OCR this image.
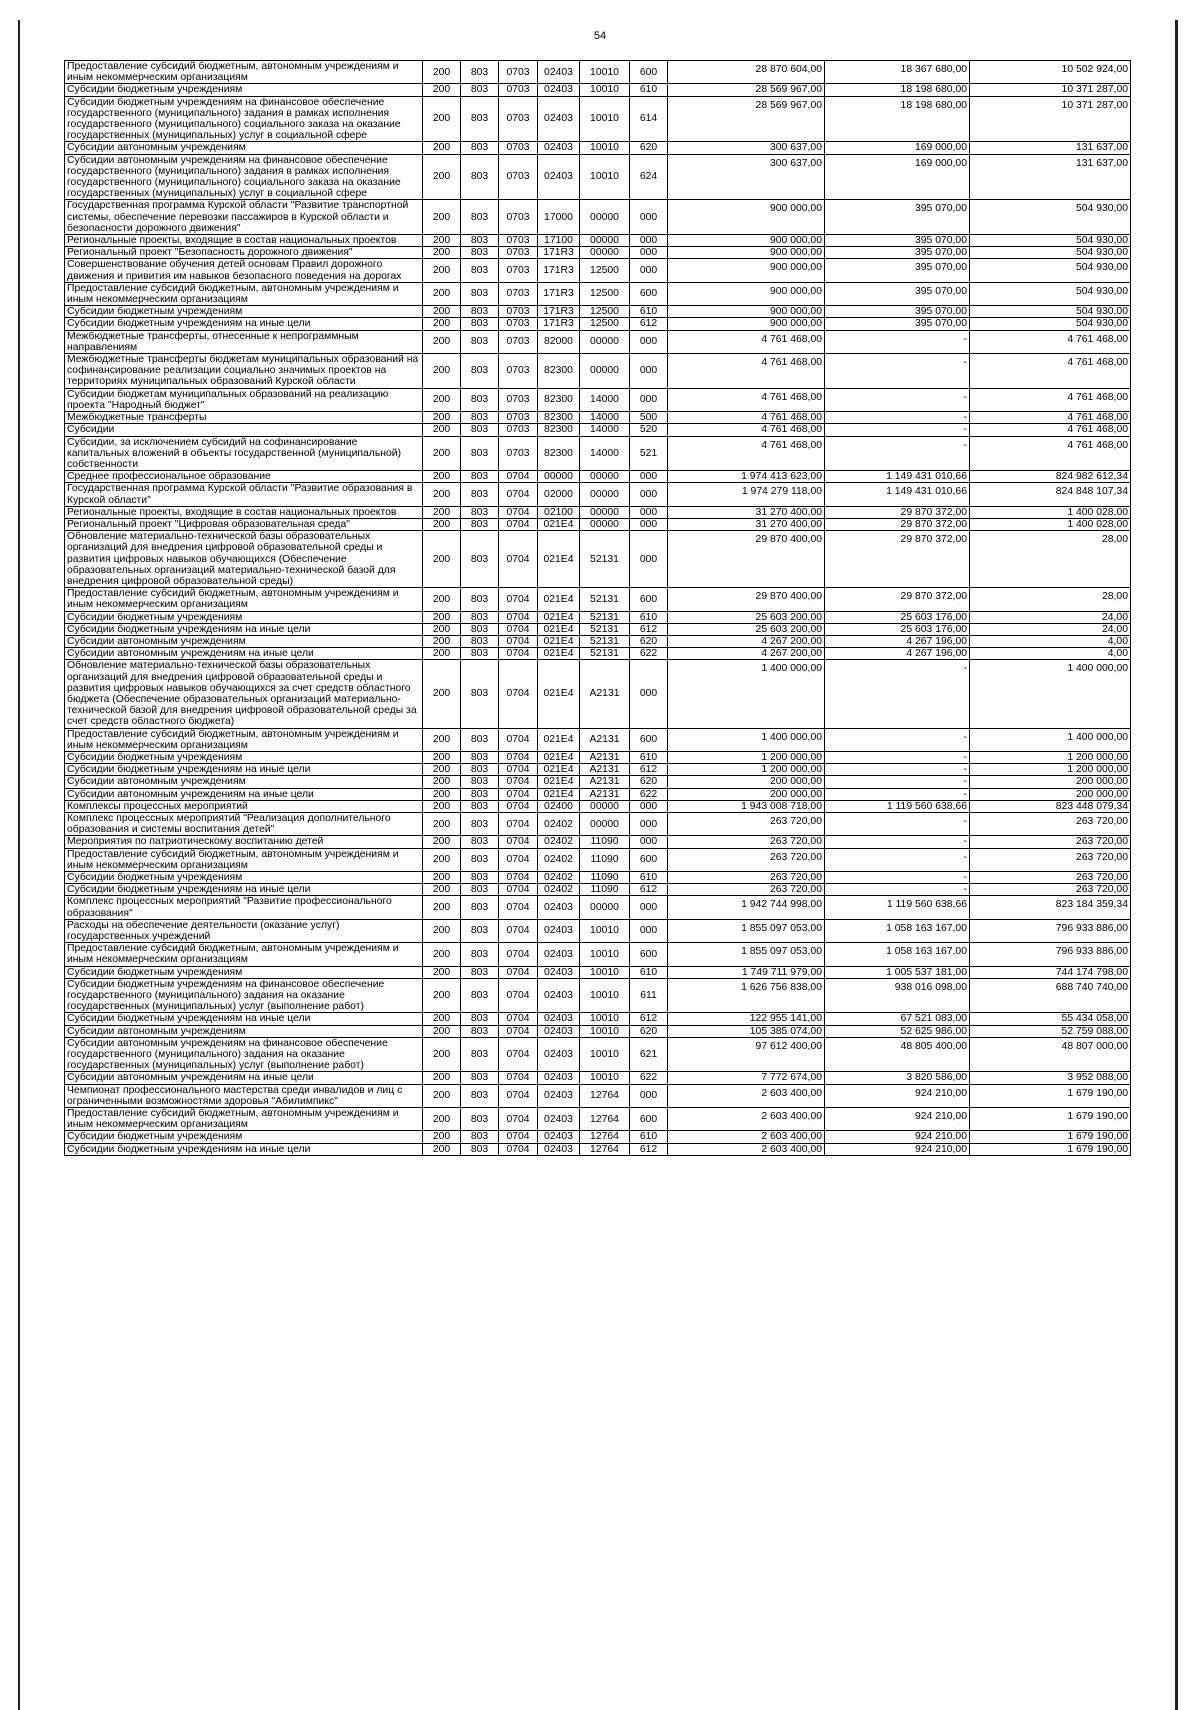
54
Предоставление субсидий бюджетным, автономным учреждениям и иным некоммерческим организациям	200	803	0703	02403	10010	600	28 870 604,00	18 367 680,00	10 502 924,00
Субсидии бюджетным учреждениям	200	803	0703	02403	10010	610	28 569 967,00	18 198 680,00	10 371 287,00
Субсидии бюджетным учреждениям на финансовое обеспечение государственного (муниципального) задания в рамках исполнения государственного (муниципального) социального заказа на оказание государственных (муниципальных) услуг в социальной сфере	200	803	0703	02403	10010	614	28 569 967,00	18 198 680,00	10 371 287,00
Субсидии автономным учреждениям	200	803	0703	02403	10010	620	300 637,00	169 000,00	131 637,00
Субсидии автономным учреждениям на финансовое обеспечение государственного (муниципального) задания в рамках исполнения государственного (муниципального) социального заказа на оказание государственных (муниципальных) услуг в социальной сфере	200	803	0703	02403	10010	624	300 637,00	169 000,00	131 637,00
Государственная программа Курской области "Развитие транспортной системы, обеспечение перевозки пассажиров в Курской области и безопасности дорожного движения"	200	803	0703	17000	00000	000	900 000,00	395 070,00	504 930,00
Региональные проекты, входящие в состав национальных проектов	200	803	0703	17100	00000	000	900 000,00	395 070,00	504 930,00
Региональный проект "Безопасность дорожного движения"	200	803	0703	171R3	00000	000	900 000,00	395 070,00	504 930,00
Совершенствование обучения детей основам Правил дорожного движения и привития им навыков безопасного поведения на дорогах	200	803	0703	171R3	12500	000	900 000,00	395 070,00	504 930,00
Предоставление субсидий бюджетным, автономным учреждениям и иным некоммерческим организациям	200	803	0703	171R3	12500	600	900 000,00	395 070,00	504 930,00
Субсидии бюджетным учреждениям	200	803	0703	171R3	12500	610	900 000,00	395 070,00	504 930,00
Субсидии бюджетным учреждениям на иные цели	200	803	0703	171R3	12500	612	900 000,00	395 070,00	504 930,00
Межбюджетные трансферты, отнесенные к непрограммным направлениям	200	803	0703	82000	00000	000	4 761 468,00	-	4 761 468,00
Межбюджетные трансферты бюджетам муниципальных образований на софинансирование реализации социально значимых проектов на территориях муниципальных образований Курской области	200	803	0703	82300	00000	000	4 761 468,00	-	4 761 468,00
Субсидии бюджетам муниципальных образований на реализацию проекта "Народный бюджет"	200	803	0703	82300	14000	000	4 761 468,00	-	4 761 468,00
Межбюджетные трансферты	200	803	0703	82300	14000	500	4 761 468,00	-	4 761 468,00
Субсидии	200	803	0703	82300	14000	520	4 761 468,00	-	4 761 468,00
Субсидии, за исключением субсидий на софинансирование капитальных вложений в объекты государственной (муниципальной) собственности	200	803	0703	82300	14000	521	4 761 468,00	-	4 761 468,00
Среднее профессиональное образование	200	803	0704	00000	00000	000	1 974 413 623,00	1 149 431 010,66	824 982 612,34
Государственная программа Курской области "Развитие образования в Курской области"	200	803	0704	02000	00000	000	1 974 279 118,00	1 149 431 010,66	824 848 107,34
Региональные проекты, входящие в состав национальных проектов	200	803	0704	02100	00000	000	31 270 400,00	29 870 372,00	1 400 028,00
Региональный проект "Цифровая образовательная среда"	200	803	0704	021E4	00000	000	31 270 400,00	29 870 372,00	1 400 028,00
Обновление материально-технической базы образовательных организаций для внедрения цифровой образовательной среды и развития цифровых навыков обучающихся (Обеспечение образовательных организаций материально-технической базой для внедрения цифровой образовательной среды)	200	803	0704	021E4	52131	000	29 870 400,00	29 870 372,00	28,00
Предоставление субсидий бюджетным, автономным учреждениям и иным некоммерческим организациям	200	803	0704	021E4	52131	600	29 870 400,00	29 870 372,00	28,00
Субсидии бюджетным учреждениям	200	803	0704	021E4	52131	610	25 603 200,00	25 603 176,00	24,00
Субсидии бюджетным учреждениям на иные цели	200	803	0704	021E4	52131	612	25 603 200,00	25 603 176,00	24,00
Субсидии автономным учреждениям	200	803	0704	021E4	52131	620	4 267 200,00	4 267 196,00	4,00
Субсидии автономным учреждениям на иные цели	200	803	0704	021E4	52131	622	4 267 200,00	4 267 196,00	4,00
Обновление материально-технической базы образовательных организаций для внедрения цифровой образовательной среды и развития цифровых навыков обучающихся за счет средств областного бюджета (Обеспечение образовательных организаций материально-технической базой для внедрения цифровой образовательной среды за счет средств областного бюджета)	200	803	0704	021E4	A2131	000	1 400 000,00	-	1 400 000,00
Предоставление субсидий бюджетным, автономным учреждениям и иным некоммерческим организациям	200	803	0704	021E4	A2131	600	1 400 000,00	-	1 400 000,00
Субсидии бюджетным учреждениям	200	803	0704	021E4	A2131	610	1 200 000,00	-	1 200 000,00
Субсидии бюджетным учреждениям на иные цели	200	803	0704	021E4	A2131	612	1 200 000,00	-	1 200 000,00
Субсидии автономным учреждениям	200	803	0704	021E4	A2131	620	200 000,00	-	200 000,00
Субсидии автономным учреждениям на иные цели	200	803	0704	021E4	A2131	622	200 000,00	-	200 000,00
Комплексы процессных мероприятий	200	803	0704	02400	00000	000	1 943 008 718,00	1 119 560 638,66	823 448 079,34
Комплекс процессных мероприятий "Реализация дополнительного образования и системы воспитания детей"	200	803	0704	02402	00000	000	263 720,00	-	263 720,00
Мероприятия по патриотическому воспитанию детей	200	803	0704	02402	11090	000	263 720,00	-	263 720,00
Предоставление субсидий бюджетным, автономным учреждениям и иным некоммерческим организациям	200	803	0704	02402	11090	600	263 720,00	-	263 720,00
Субсидии бюджетным учреждениям	200	803	0704	02402	11090	610	263 720,00	-	263 720,00
Субсидии бюджетным учреждениям на иные цели	200	803	0704	02402	11090	612	263 720,00	-	263 720,00
Комплекс процессных мероприятий "Развитие профессионального образования"	200	803	0704	02403	00000	000	1 942 744 998,00	1 119 560 638,66	823 184 359,34
Расходы на обеспечение деятельности (оказание услуг) государственных учреждений	200	803	0704	02403	10010	000	1 855 097 053,00	1 058 163 167,00	796 933 886,00
Предоставление субсидий бюджетным, автономным учреждениям и иным некоммерческим организациям	200	803	0704	02403	10010	600	1 855 097 053,00	1 058 163 167,00	796 933 886,00
Субсидии бюджетным учреждениям	200	803	0704	02403	10010	610	1 749 711 979,00	1 005 537 181,00	744 174 798,00
Субсидии бюджетным учреждениям на финансовое обеспечение государственного (муниципального) задания на оказание государственных (муниципальных) услуг (выполнение работ)	200	803	0704	02403	10010	611	1 626 756 838,00	938 016 098,00	688 740 740,00
Субсидии бюджетным учреждениям на иные цели	200	803	0704	02403	10010	612	122 955 141,00	67 521 083,00	55 434 058,00
Субсидии автономным учреждениям	200	803	0704	02403	10010	620	105 385 074,00	52 625 986,00	52 759 088,00
Субсидии автономным учреждениям на финансовое обеспечение государственного (муниципального) задания на оказание государственных (муниципальных) услуг (выполнение работ)	200	803	0704	02403	10010	621	97 612 400,00	48 805 400,00	48 807 000,00
Субсидии автономным учреждениям на иные цели	200	803	0704	02403	10010	622	7 772 674,00	3 820 586,00	3 952 088,00
Чемпионат профессионального мастерства среди инвалидов и лиц с ограниченными возможностями здоровья "Абилимпикс"	200	803	0704	02403	12764	000	2 603 400,00	924 210,00	1 679 190,00
Предоставление субсидий бюджетным, автономным учреждениям и иным некоммерческим организациям	200	803	0704	02403	12764	600	2 603 400,00	924 210,00	1 679 190,00
Субсидии бюджетным учреждениям	200	803	0704	02403	12764	610	2 603 400,00	924 210,00	1 679 190,00
Субсидии бюджетным учреждениям на иные цели	200	803	0704	02403	12764	612	2 603 400,00	924 210,00	1 679 190,00
